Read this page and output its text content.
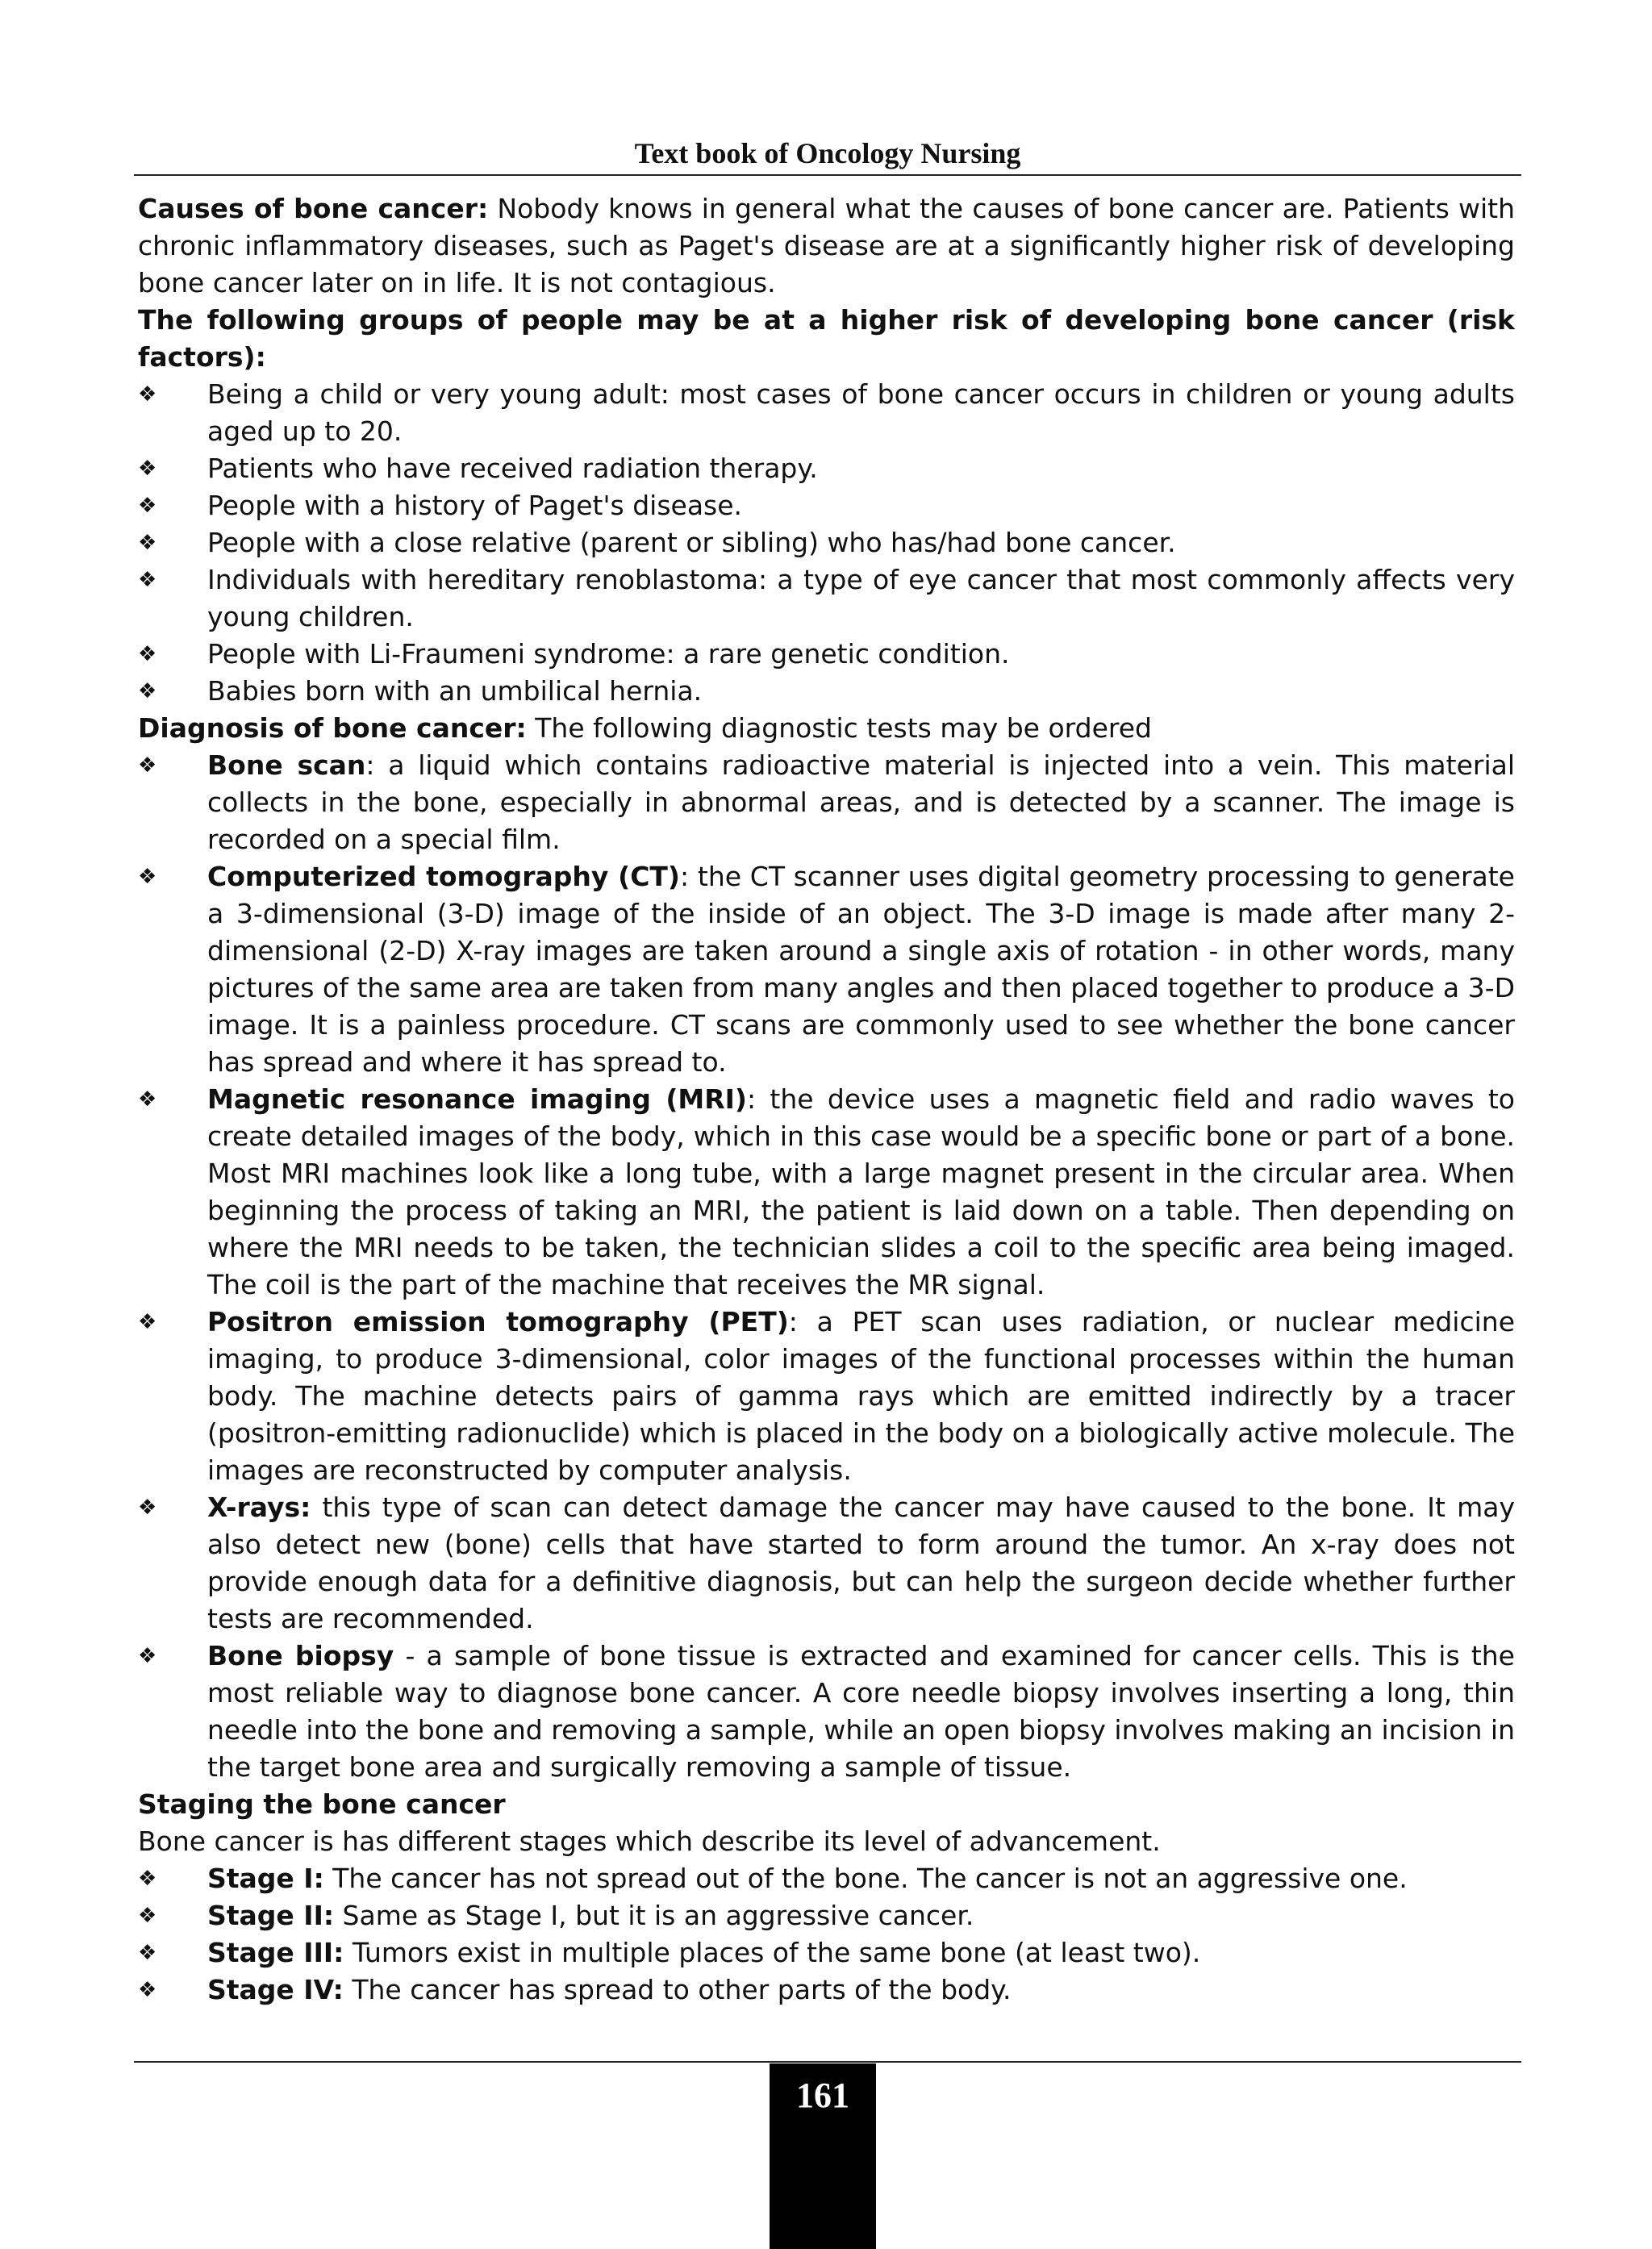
Text book of Oncology Nursing

Causes of bone cancer: Nobody knows in general what the causes of bone cancer are. Patients with chronic inflammatory diseases, such as Paget's disease are at a significantly higher risk of developing bone cancer later on in life. It is not contagious.

The following groups of people may be at a higher risk of developing bone cancer (risk factors):

❖	Being a child or very young adult: most cases of bone cancer occurs in children or young adults aged up to 20.
❖	Patients who have received radiation therapy.
❖	People with a history of Paget's disease.
❖	People with a close relative (parent or sibling) who has/had bone cancer.
❖	Individuals with hereditary renoblastoma: a type of eye cancer that most commonly affects very young children.
❖	People with Li-Fraumeni syndrome: a rare genetic condition.
❖	Babies born with an umbilical hernia.

Diagnosis of bone cancer: The following diagnostic tests may be ordered

❖	Bone scan: a liquid which contains radioactive material is injected into a vein. This material collects in the bone, especially in abnormal areas, and is detected by a scanner. The image is recorded on a special film.
❖	Computerized tomography (CT): the CT scanner uses digital geometry processing to generate a 3-dimensional (3-D) image of the inside of an object. The 3-D image is made after many 2-dimensional (2-D) X-ray images are taken around a single axis of rotation - in other words, many pictures of the same area are taken from many angles and then placed together to produce a 3-D image. It is a painless procedure. CT scans are commonly used to see whether the bone cancer has spread and where it has spread to.
❖	Magnetic resonance imaging (MRI): the device uses a magnetic field and radio waves to create detailed images of the body, which in this case would be a specific bone or part of a bone. Most MRI machines look like a long tube, with a large magnet present in the circular area. When beginning the process of taking an MRI, the patient is laid down on a table. Then depending on where the MRI needs to be taken, the technician slides a coil to the specific area being imaged. The coil is the part of the machine that receives the MR signal.
❖	Positron emission tomography (PET): a PET scan uses radiation, or nuclear medicine imaging, to produce 3-dimensional, color images of the functional processes within the human body. The machine detects pairs of gamma rays which are emitted indirectly by a tracer (positron-emitting radionuclide) which is placed in the body on a biologically active molecule. The images are reconstructed by computer analysis.
❖	X-rays: this type of scan can detect damage the cancer may have caused to the bone. It may also detect new (bone) cells that have started to form around the tumor. An x-ray does not provide enough data for a definitive diagnosis, but can help the surgeon decide whether further tests are recommended.
❖	Bone biopsy - a sample of bone tissue is extracted and examined for cancer cells. This is the most reliable way to diagnose bone cancer. A core needle biopsy involves inserting a long, thin needle into the bone and removing a sample, while an open biopsy involves making an incision in the target bone area and surgically removing a sample of tissue.

Staging the bone cancer

Bone cancer is has different stages which describe its level of advancement.

❖	Stage I: The cancer has not spread out of the bone. The cancer is not an aggressive one.
❖	Stage II: Same as Stage I, but it is an aggressive cancer.
❖	Stage III: Tumors exist in multiple places of the same bone (at least two).
❖	Stage IV: The cancer has spread to other parts of the body.
161
